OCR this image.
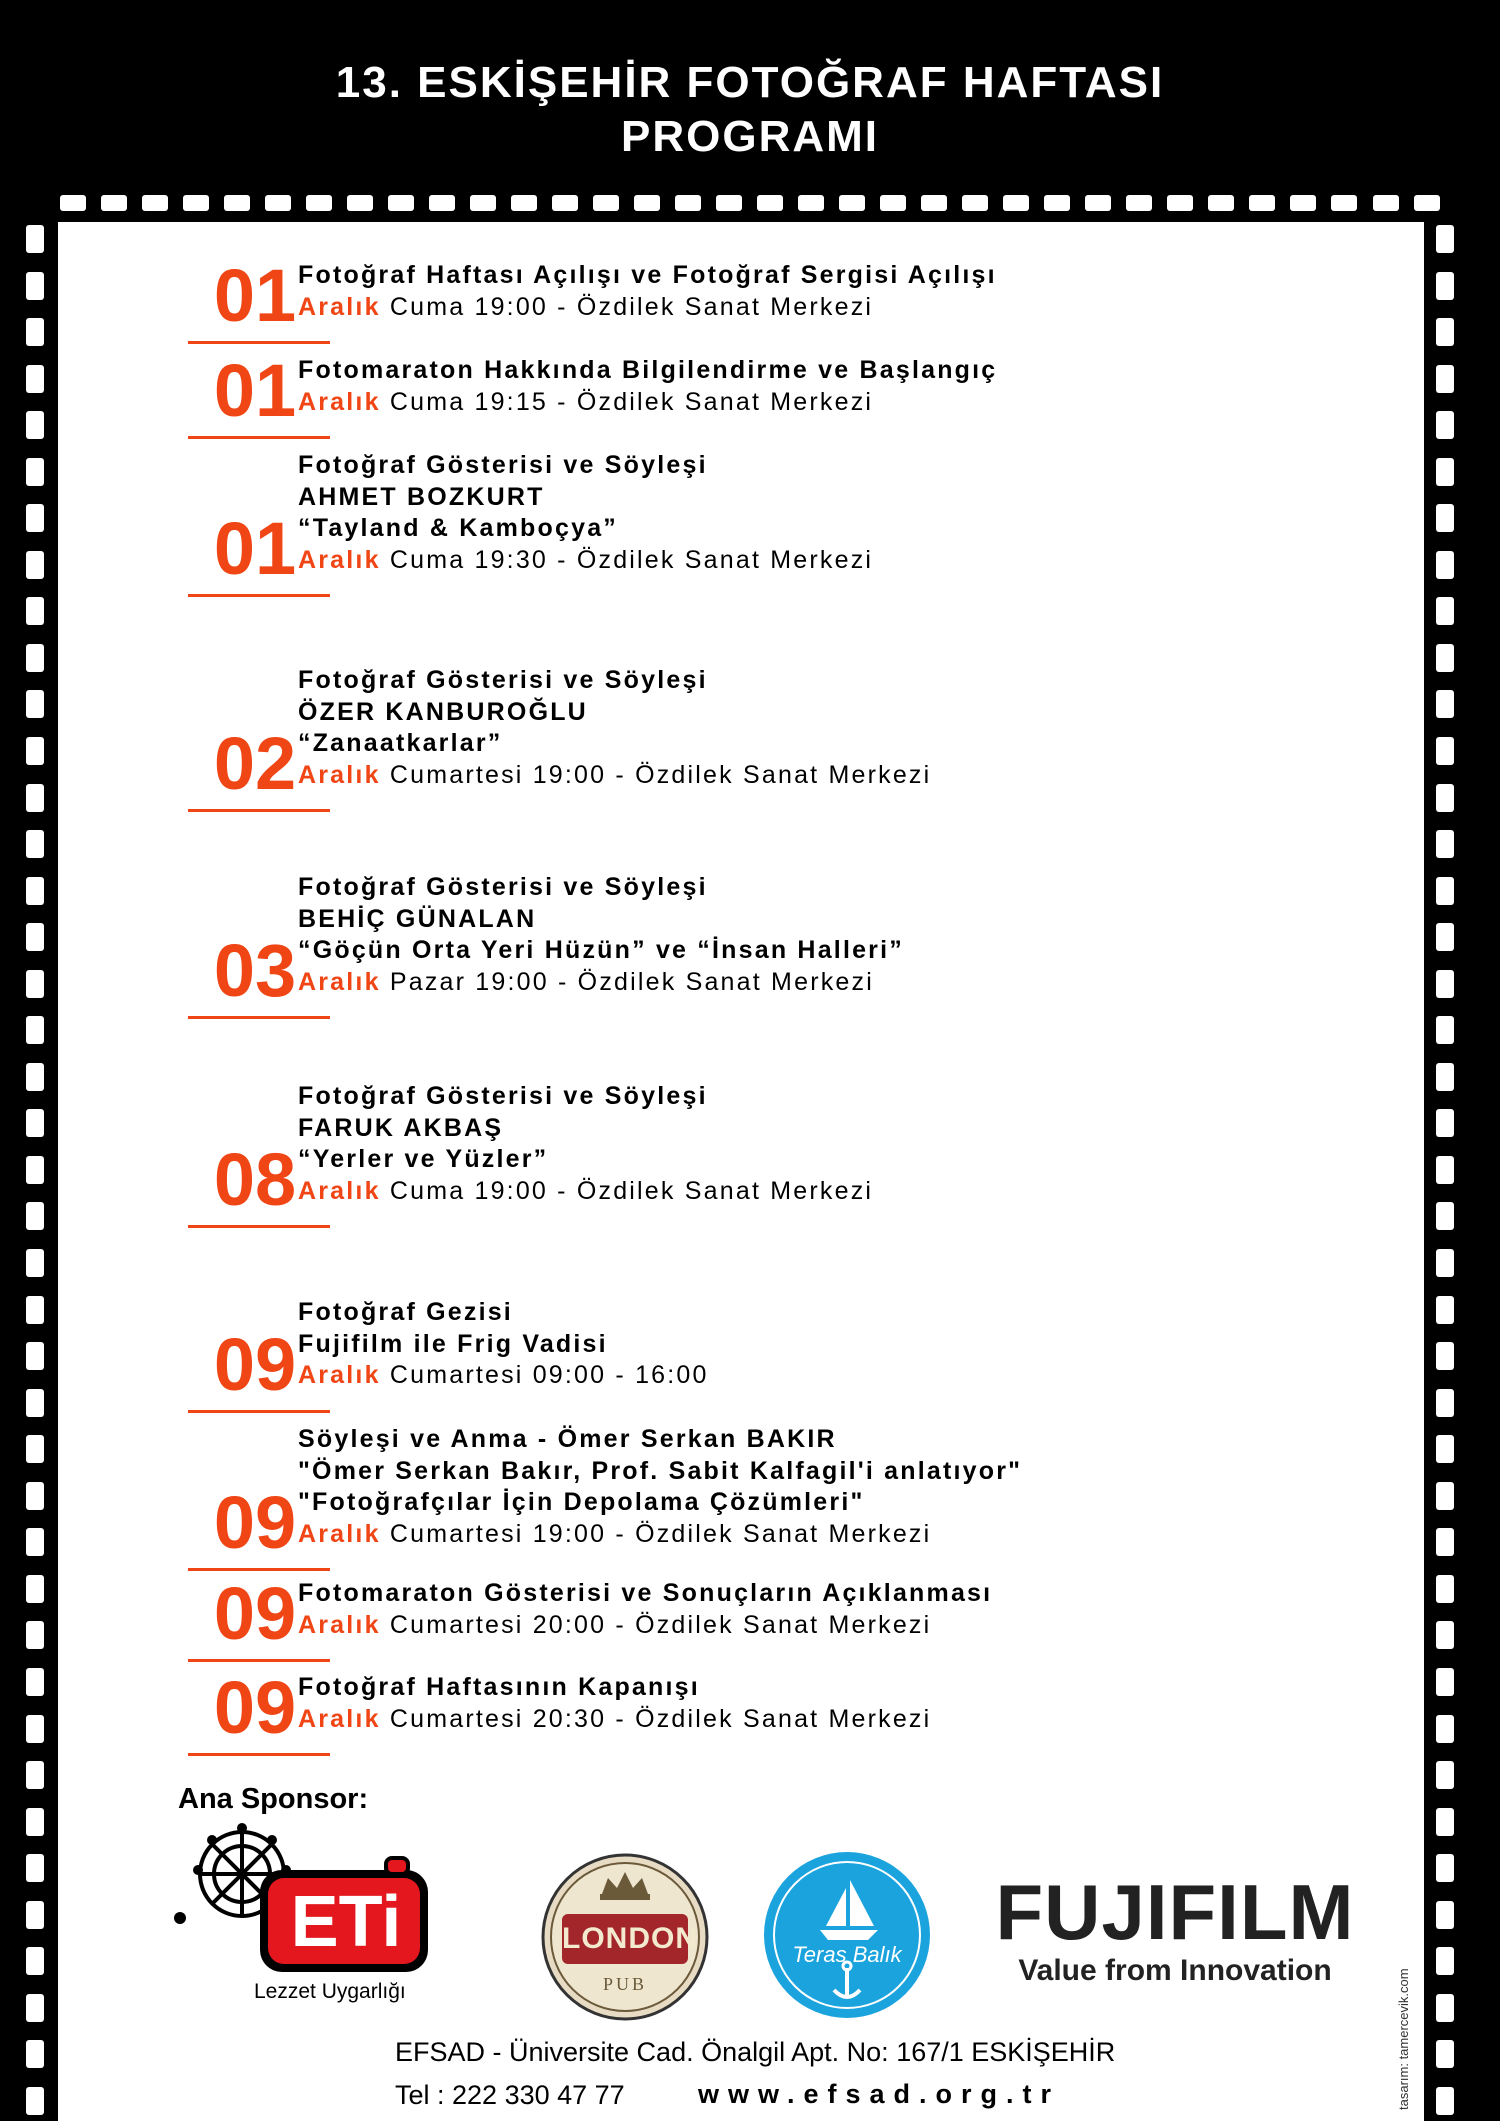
13. ESKİŞEHİR FOTOĞRAF HAFTASI
PROGRAMI
01 Fotoğraf Haftası Açılışı ve Fotoğraf Sergisi Açılışı
Aralık Cuma 19:00 - Özdilek Sanat Merkezi
01 Fotomaraton Hakkında Bilgilendirme ve Başlangıç
Aralık Cuma 19:15 - Özdilek Sanat Merkezi
01
Fotoğraf Gösterisi ve Söyleşi
AHMET BOZKURT
“Tayland & Kamboçya”
Aralık Cuma 19:30 - Özdilek Sanat Merkezi
02
Fotoğraf Gösterisi ve Söyleşi
ÖZER KANBUROĞLU
“Zanaatkarlar”
Aralık Cumartesi 19:00 - Özdilek Sanat Merkezi
03
Fotoğraf Gösterisi ve Söyleşi
BEHİÇ GÜNALAN
“Göçün Orta Yeri Hüzün” ve “İnsan Halleri”
Aralık Pazar 19:00 - Özdilek Sanat Merkezi
08
Fotoğraf Gösterisi ve Söyleşi
FARUK AKBAŞ
“Yerler ve Yüzler”
Aralık Cuma 19:00 - Özdilek Sanat Merkezi
09
Fotoğraf Gezisi
Fujifilm ile Frig Vadisi
Aralık Cumartesi 09:00 - 16:00
09
Söyleşi ve Anma - Ömer Serkan BAKIR
"Ömer Serkan Bakır, Prof. Sabit Kalfagil'i anlatıyor"
"Fotoğrafçılar İçin Depolama Çözümleri"
Aralık Cumartesi 19:00 - Özdilek Sanat Merkezi
09 Fotomaraton Gösterisi ve Sonuçların Açıklanması
Aralık Cumartesi 20:00 - Özdilek Sanat Merkezi
09 Fotoğraf Haftasının Kapanışı
Aralık Cumartesi 20:30 - Özdilek Sanat Merkezi
Ana Sponsor:
ETi
Lezzet Uygarlığı
LONDON
PUB
Teras Balık	FUJIFILM
Value from Innovation
EFSAD - Üniversite Cad. Önalgil Apt. No: 167/1 ESKİŞEHİR
Tel : 222 330 47 77	www.efsad.org.tr	tasarım: tamercevik.com
